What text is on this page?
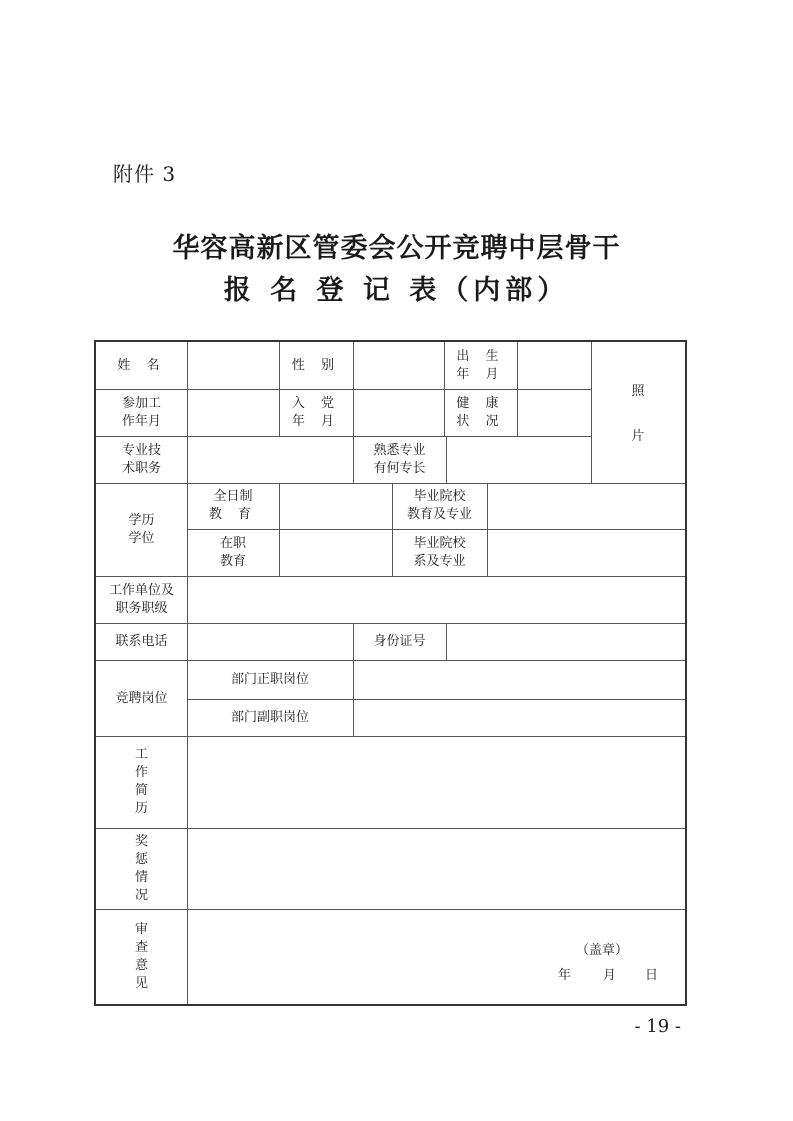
附件 3
华容高新区管委会公开竞聘中层骨干
报 名 登 记 表（内部）
姓 名	性 别
出 生
年 月
参加工
作年月
入 党
年 月
健 康
状 况
照
片
专业技
术职务
熟悉专业
有何专长
学历
学位
全日制
教 育
毕业院校
教育及专业
在职
教育
毕业院校
系及专业
工作单位及
职务职级
联系电话	身份证号
竞聘岗位
部门正职岗位
部门副职岗位
工
作
简
历
奖
惩
情
况
审
查
意
见
（盖章）
年 月 日
- 19 -
